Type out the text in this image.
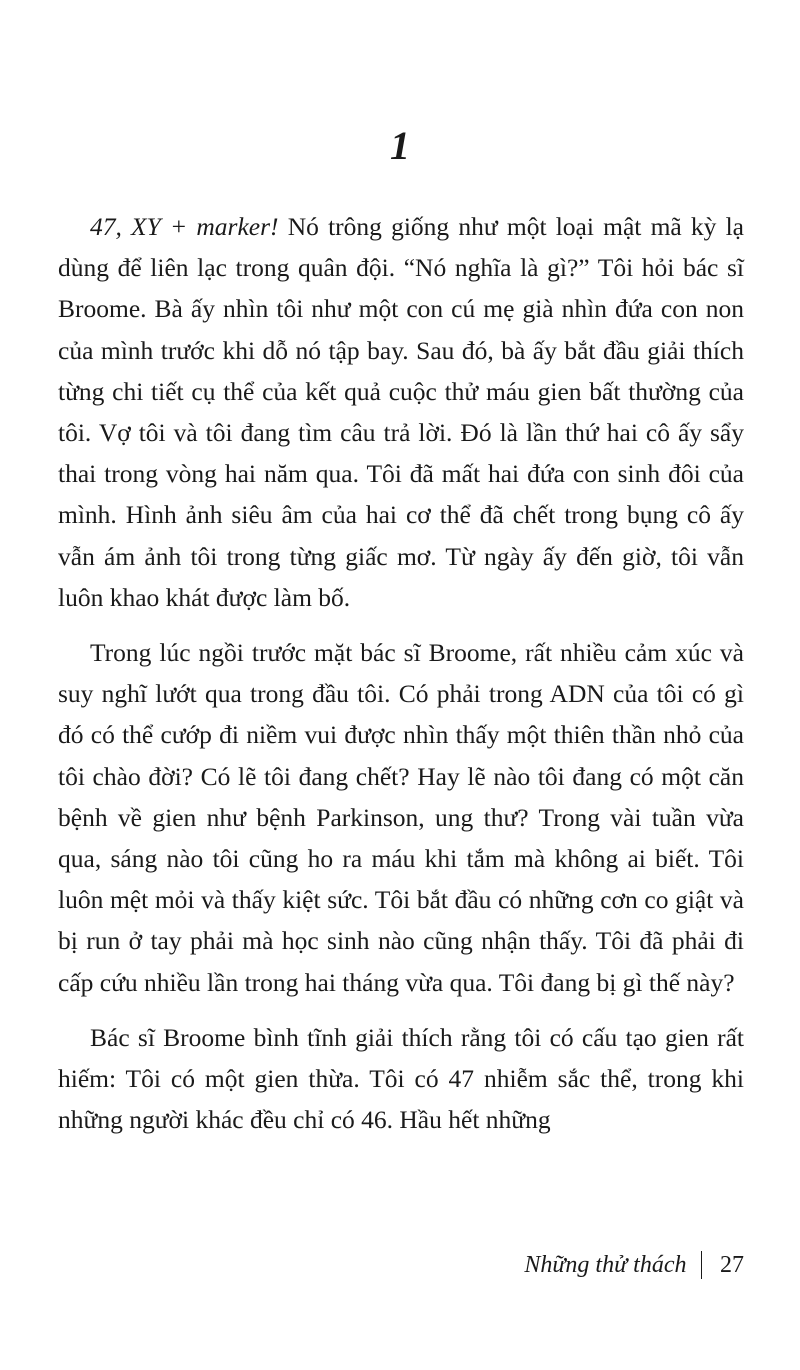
1

47, XY + marker! Nó trông giống như một loại mật mã kỳ lạ dùng để liên lạc trong quân đội. “Nó nghĩa là gì?” Tôi hỏi bác sĩ Broome. Bà ấy nhìn tôi như một con cú mẹ già nhìn đứa con non của mình trước khi dỗ nó tập bay. Sau đó, bà ấy bắt đầu giải thích từng chi tiết cụ thể của kết quả cuộc thử máu gien bất thường của tôi. Vợ tôi và tôi đang tìm câu trả lời. Đó là lần thứ hai cô ấy sẩy thai trong vòng hai năm qua. Tôi đã mất hai đứa con sinh đôi của mình. Hình ảnh siêu âm của hai cơ thể đã chết trong bụng cô ấy vẫn ám ảnh tôi trong từng giấc mơ. Từ ngày ấy đến giờ, tôi vẫn luôn khao khát được làm bố.

Trong lúc ngồi trước mặt bác sĩ Broome, rất nhiều cảm xúc và suy nghĩ lướt qua trong đầu tôi. Có phải trong ADN của tôi có gì đó có thể cướp đi niềm vui được nhìn thấy một thiên thần nhỏ của tôi chào đời? Có lẽ tôi đang chết? Hay lẽ nào tôi đang có một căn bệnh về gien như bệnh Parkinson, ung thư? Trong vài tuần vừa qua, sáng nào tôi cũng ho ra máu khi tắm mà không ai biết. Tôi luôn mệt mỏi và thấy kiệt sức. Tôi bắt đầu có những cơn co giật và bị run ở tay phải mà học sinh nào cũng nhận thấy. Tôi đã phải đi cấp cứu nhiều lần trong hai tháng vừa qua. Tôi đang bị gì thế này?

Bác sĩ Broome bình tĩnh giải thích rằng tôi có cấu tạo gien rất hiếm: Tôi có một gien thừa. Tôi có 47 nhiễm sắc thể, trong khi những người khác đều chỉ có 46. Hầu hết những

Những thử thách 27
